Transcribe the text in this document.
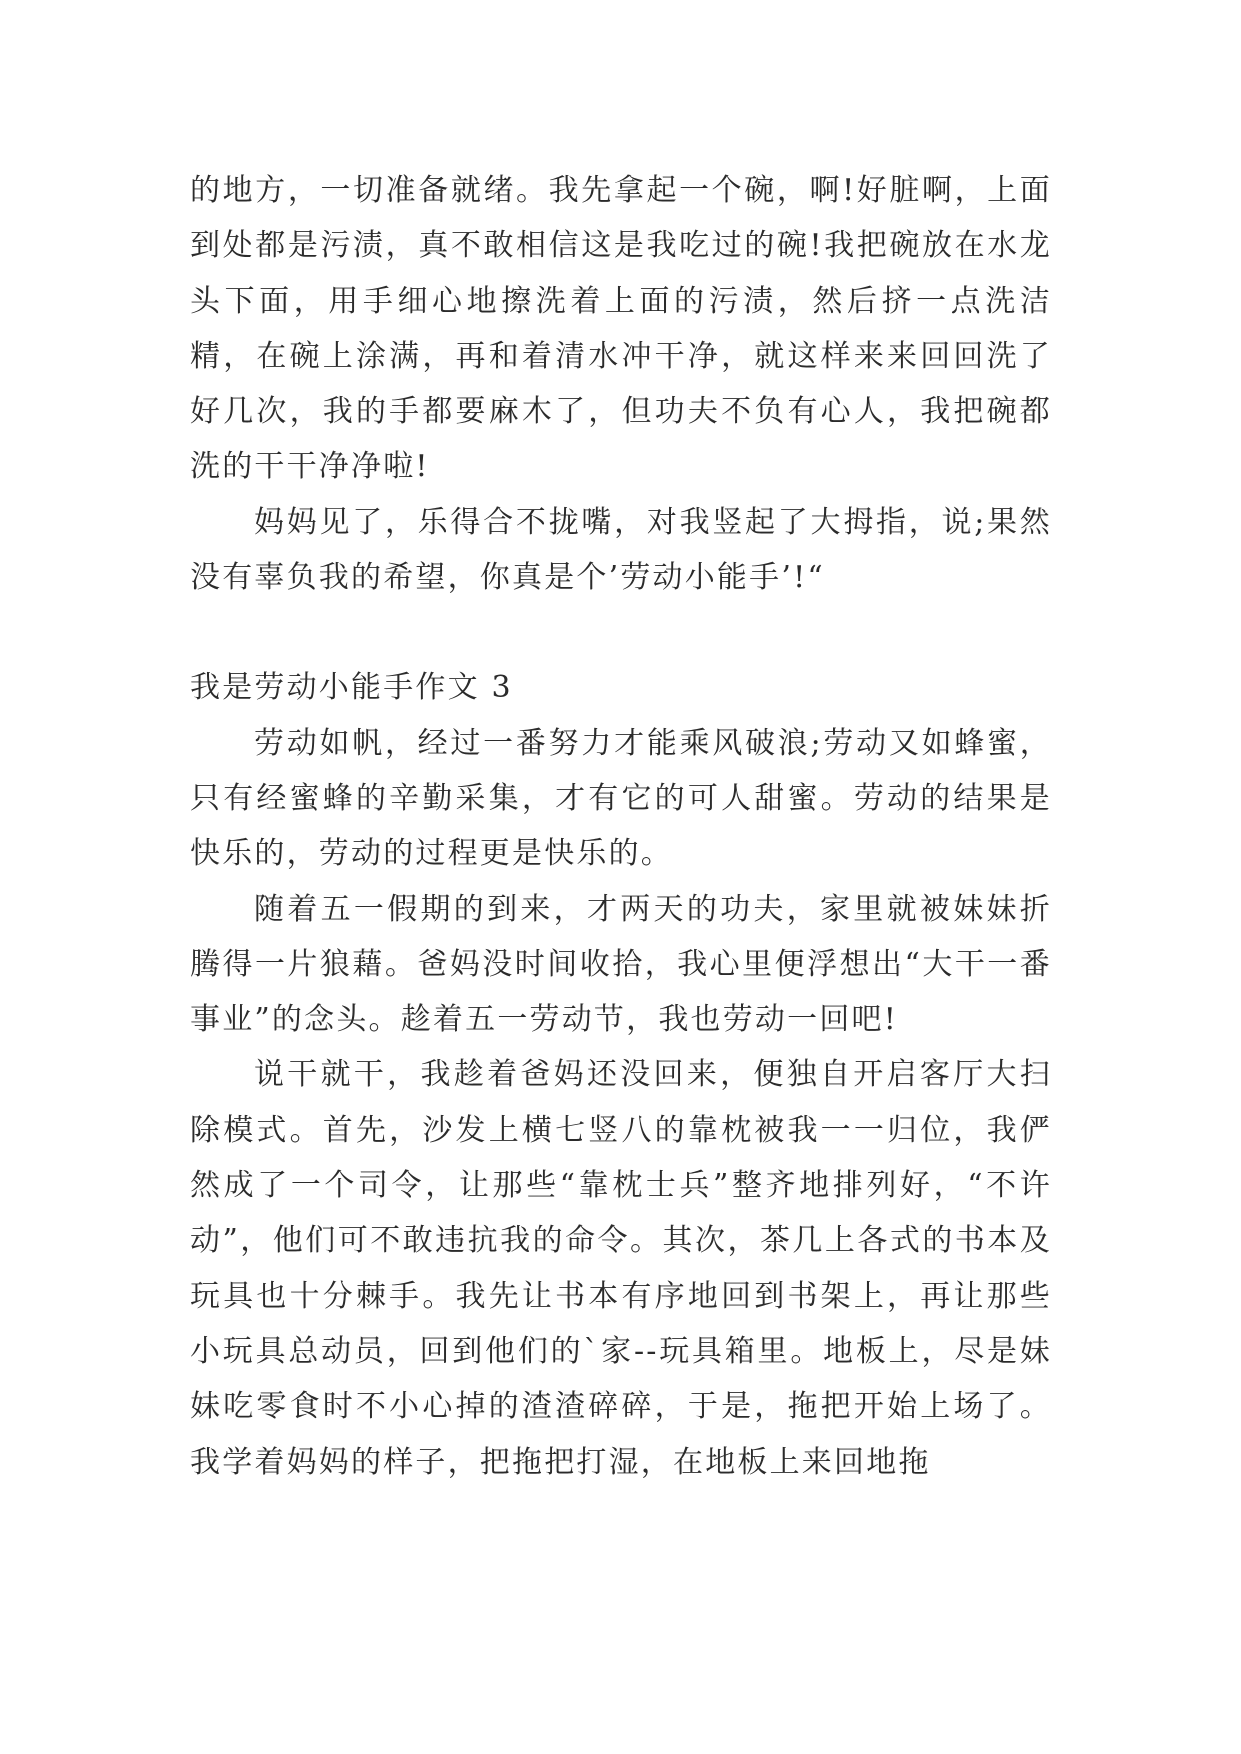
的地方，一切准备就绪。我先拿起一个碗，啊!好脏啊，上面到处都是污渍，真不敢相信这是我吃过的碗!我把碗放在水龙头下面，用手细心地擦洗着上面的污渍，然后挤一点洗洁精，在碗上涂满，再和着清水冲干净，就这样来来回回洗了好几次，我的手都要麻木了，但功夫不负有心人，我把碗都洗的干干净净啦!

妈妈见了，乐得合不拢嘴，对我竖起了大拇指，说;果然没有辜负我的希望，你真是个’劳动小能手’!“

我是劳动小能手作文 3

劳动如帆，经过一番努力才能乘风破浪;劳动又如蜂蜜，只有经蜜蜂的辛勤采集，才有它的可人甜蜜。劳动的结果是快乐的，劳动的过程更是快乐的。

随着五一假期的到来，才两天的功夫，家里就被妹妹折腾得一片狼藉。爸妈没时间收拾，我心里便浮想出“大干一番事业”的念头。趁着五一劳动节，我也劳动一回吧!

说干就干，我趁着爸妈还没回来，便独自开启客厅大扫除模式。首先，沙发上横七竖八的靠枕被我一一归位，我俨然成了一个司令，让那些“靠枕士兵”整齐地排列好，“不许动”，他们可不敢违抗我的命令。其次，茶几上各式的书本及玩具也十分棘手。我先让书本有序地回到书架上，再让那些小玩具总动员，回到他们的`家--玩具箱里。地板上，尽是妹妹吃零食时不小心掉的渣渣碎碎，于是，拖把开始上场了。我学着妈妈的样子，把拖把打湿，在地板上来回地拖
